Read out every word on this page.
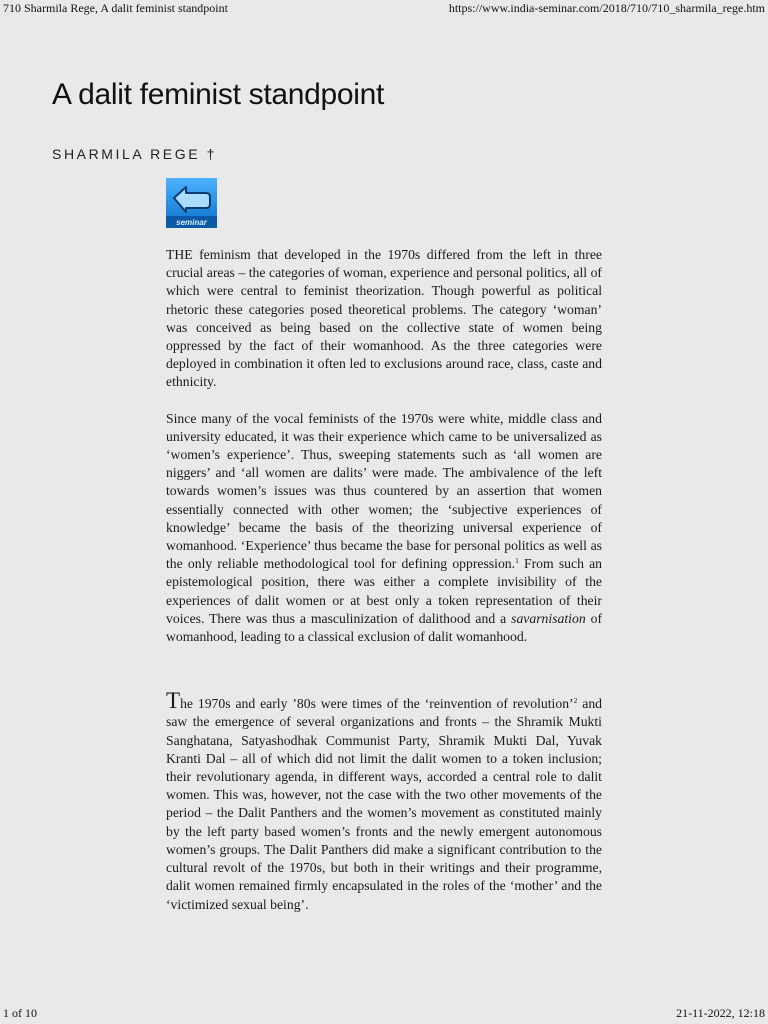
710 Sharmila Rege, A dalit feminist standpoint	https://www.india-seminar.com/2018/710/710_sharmila_rege.htm
A dalit feminist standpoint
SHARMILA REGE †
seminar

THE feminism that developed in the 1970s differed from the left in three crucial areas – the categories of woman, experience and personal politics, all of which were central to feminist theorization. Though powerful as political rhetoric these categories posed theoretical problems. The category ‘woman’ was conceived as being based on the collective state of women being oppressed by the fact of their womanhood. As the three categories were deployed in combination it often led to exclusions around race, class, caste and ethnicity.

Since many of the vocal feminists of the 1970s were white, middle class and university educated, it was their experience which came to be universalized as ‘women’s experience’. Thus, sweeping statements such as ‘all women are niggers’ and ‘all women are dalits’ were made. The ambivalence of the left towards women’s issues was thus countered by an assertion that women essentially connected with other women; the ‘subjective experiences of knowledge’ became the basis of the theorizing universal experience of womanhood. ‘Experience’ thus became the base for personal politics as well as the only reliable methodological tool for defining oppression.$^1$ From such an epistemological position, there was either a complete invisibility of the experiences of dalit women or at best only a token representation of their voices. There was thus a masculinization of dalithood and a savarnisation of womanhood, leading to a classical exclusion of dalit womanhood.

The 1970s and early ’80s were times of the ‘reinvention of revolution’$^2$ and saw the emergence of several organizations and fronts – the Shramik Mukti Sanghatana, Satyashodhak Communist Party, Shramik Mukti Dal, Yuvak Kranti Dal – all of which did not limit the dalit women to a token inclusion; their revolutionary agenda, in different ways, accorded a central role to dalit women. This was, however, not the case with the two other movements of the period – the Dalit Panthers and the women’s movement as constituted mainly by the left party based women’s fronts and the newly emergent autonomous women’s groups. The Dalit Panthers did make a significant contribution to the cultural revolt of the 1970s, but both in their writings and their programme, dalit women remained firmly encapsulated in the roles of the ‘mother’ and the ‘victimized sexual being’.

1 of 10	21-11-2022, 12:18
